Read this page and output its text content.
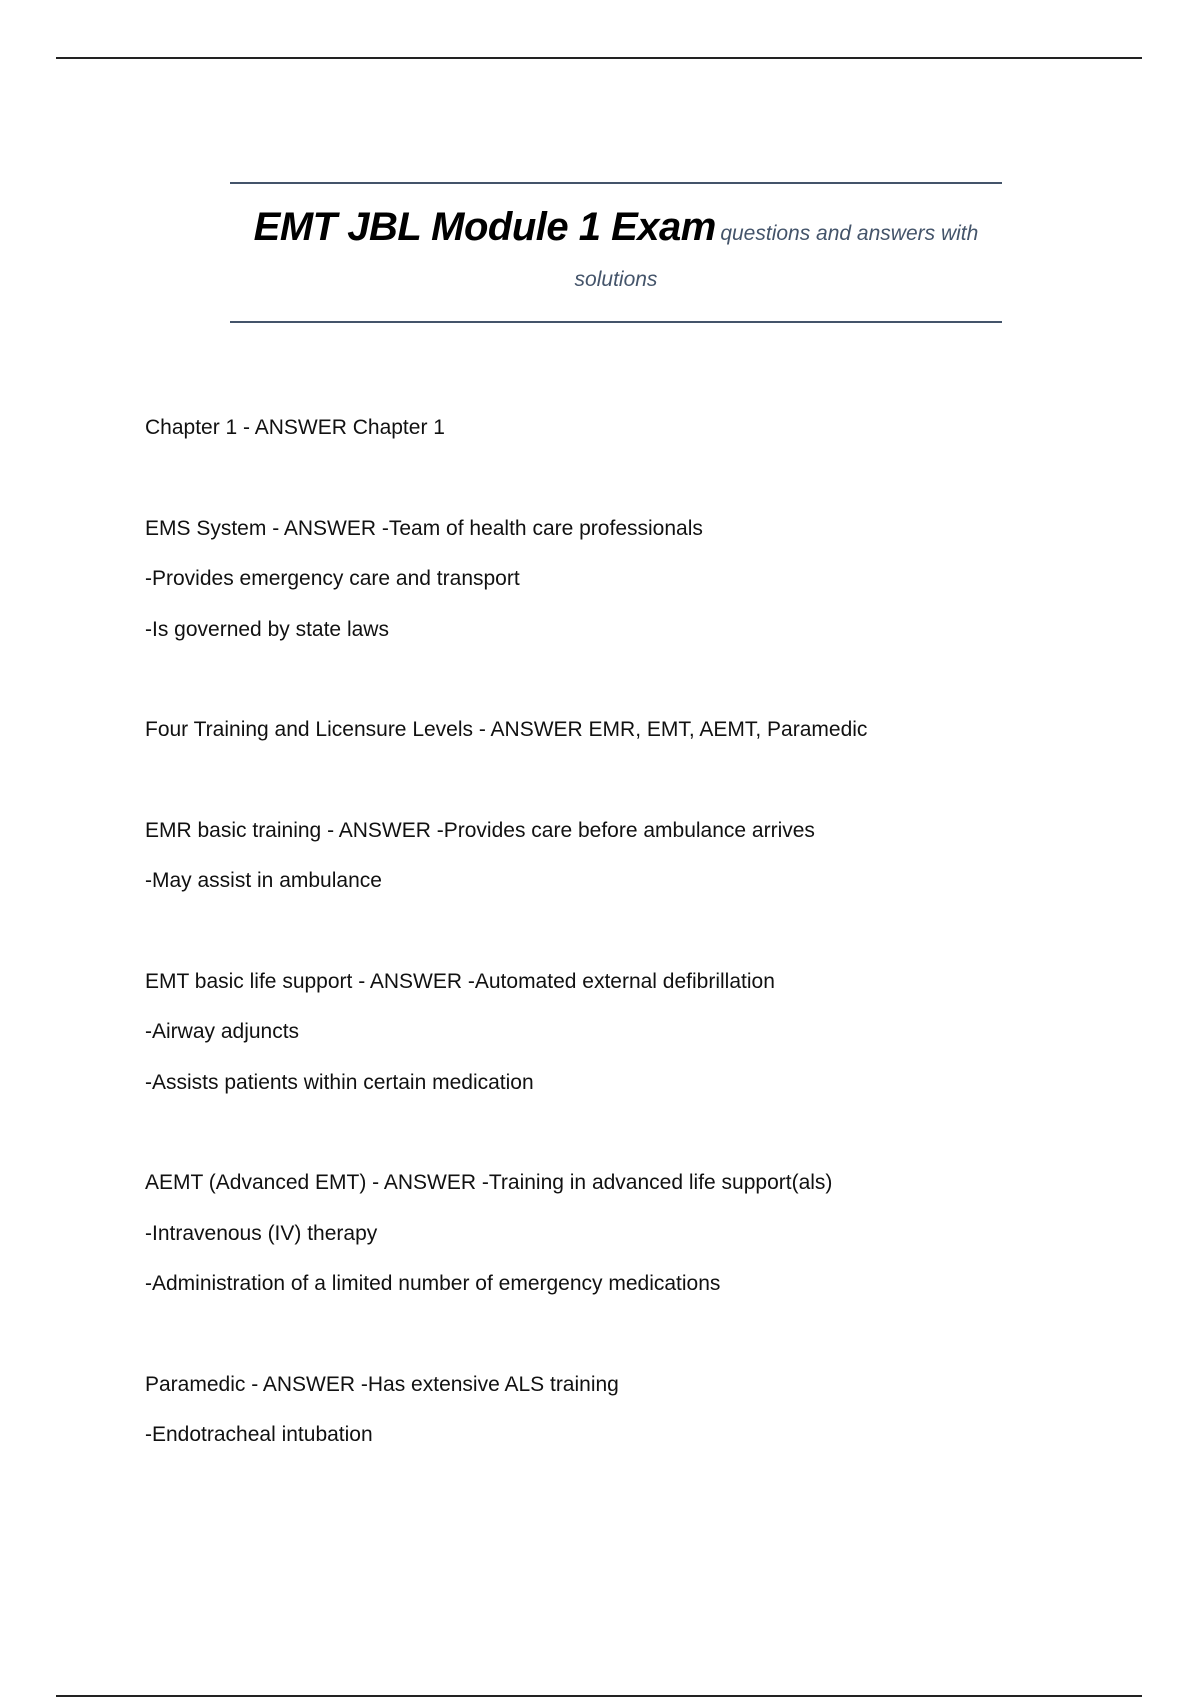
EMT JBL Module 1 Exam questions and answers with
solutions
Chapter 1 - ANSWER Chapter 1
EMS System - ANSWER -Team of health care professionals
-Provides emergency care and transport
-Is governed by state laws
Four Training and Licensure Levels - ANSWER EMR, EMT, AEMT, Paramedic
EMR basic training - ANSWER -Provides care before ambulance arrives
-May assist in ambulance
EMT basic life support - ANSWER -Automated external defibrillation
-Airway adjuncts
-Assists patients within certain medication
AEMT (Advanced EMT) - ANSWER -Training in advanced life support(als)
-Intravenous (IV) therapy
-Administration of a limited number of emergency medications
Paramedic - ANSWER -Has extensive ALS training
-Endotracheal intubation
